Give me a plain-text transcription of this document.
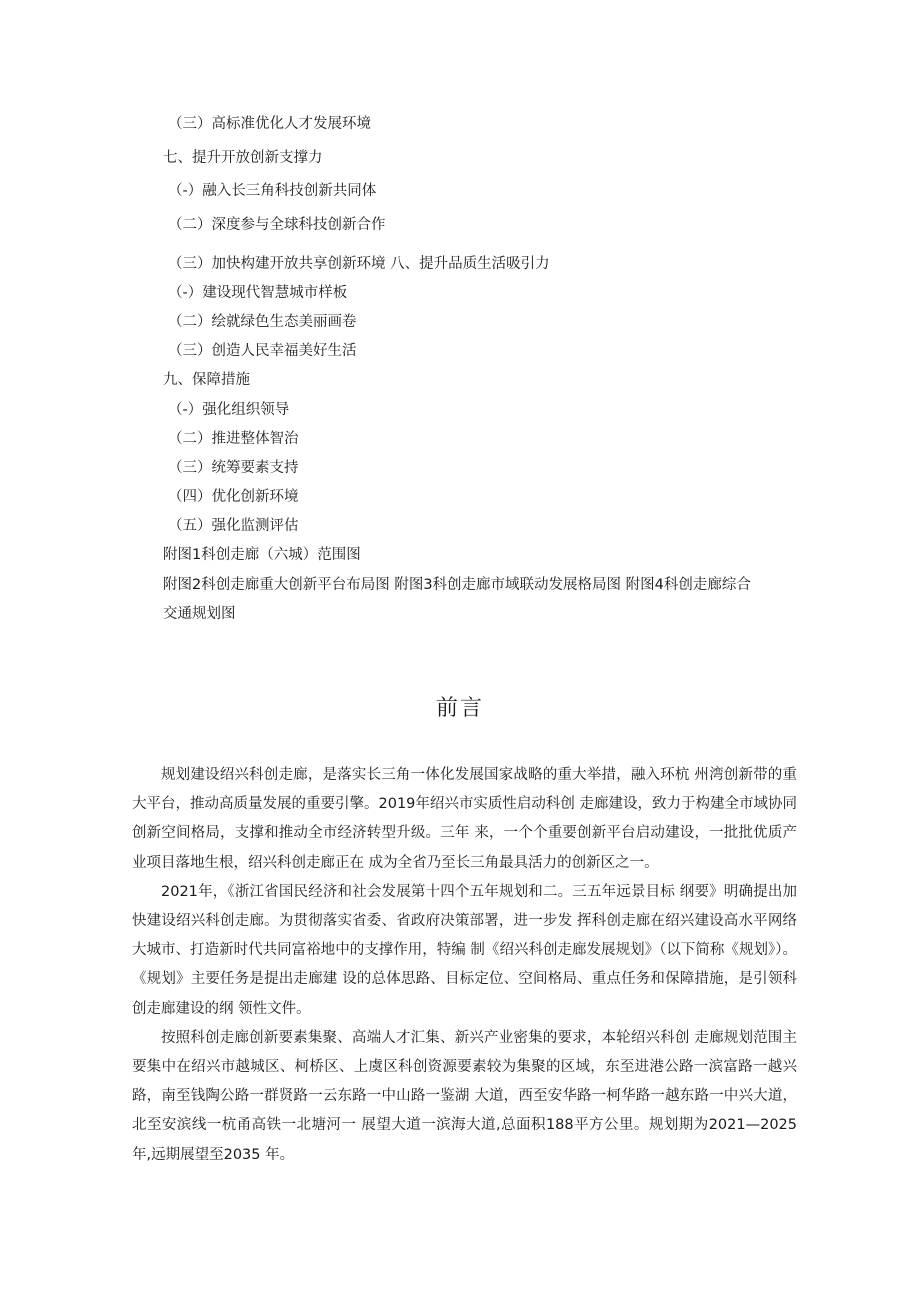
（三）高标准优化人才发展环境
七、提升开放创新支撑力
（-）融入长三角科技创新共同体
（二）深度参与全球科技创新合作
（三）加快构建开放共享创新环境 八、提升品质生活吸引力
（-）建设现代智慧城市样板
（二）绘就绿色生态美丽画卷
（三）创造人民幸福美好生活
九、保障措施
（-）强化组织领导
（二）推进整体智治
（三）统筹要素支持
（四）优化创新环境
（五）强化监测评估
附图1科创走廊（六城）范围图
附图2科创走廊重大创新平台布局图 附图3科创走廊市域联动发展格局图 附图4科创走廊综合
交通规划图
前言

规划建设绍兴科创走廊，是落实长三角一体化发展国家战略的重大举措，融入环杭 州湾创新带的重大平台，推动高质量发展的重要引擎。2019年绍兴市实质性启动科创 走廊建设，致力于构建全市域协同创新空间格局，支撑和推动全市经济转型升级。三年 来，一个个重要创新平台启动建设，一批批优质产业项目落地生根，绍兴科创走廊正在 成为全省乃至长三角最具活力的创新区之一。

2021年，《浙江省国民经济和社会发展第十四个五年规划和二。三五年远景目标 纲要》明确提出加快建设绍兴科创走廊。为贯彻落实省委、省政府决策部署，进一步发 挥科创走廊在绍兴建设高水平网络大城市、打造新时代共同富裕地中的支撑作用，特编 制《绍兴科创走廊发展规划》（以下简称《规划》）。《规划》主要任务是提出走廊建 设的总体思路、目标定位、空间格局、重点任务和保障措施，是引领科创走廊建设的纲 领性文件。

按照科创走廊创新要素集聚、高端人才汇集、新兴产业密集的要求，本轮绍兴科创 走廊规划范围主要集中在绍兴市越城区、柯桥区、上虞区科创资源要素较为集聚的区域，东至进港公路一滨富路一越兴路，南至钱陶公路一群贤路一云东路一中山路一鉴湖 大道，西至安华路一柯华路一越东路一中兴大道，北至安滨线一杭甬高铁一北塘河一 展望大道一滨海大道,总面积188平方公里。规划期为2021—2025年,远期展望至2035 年。
